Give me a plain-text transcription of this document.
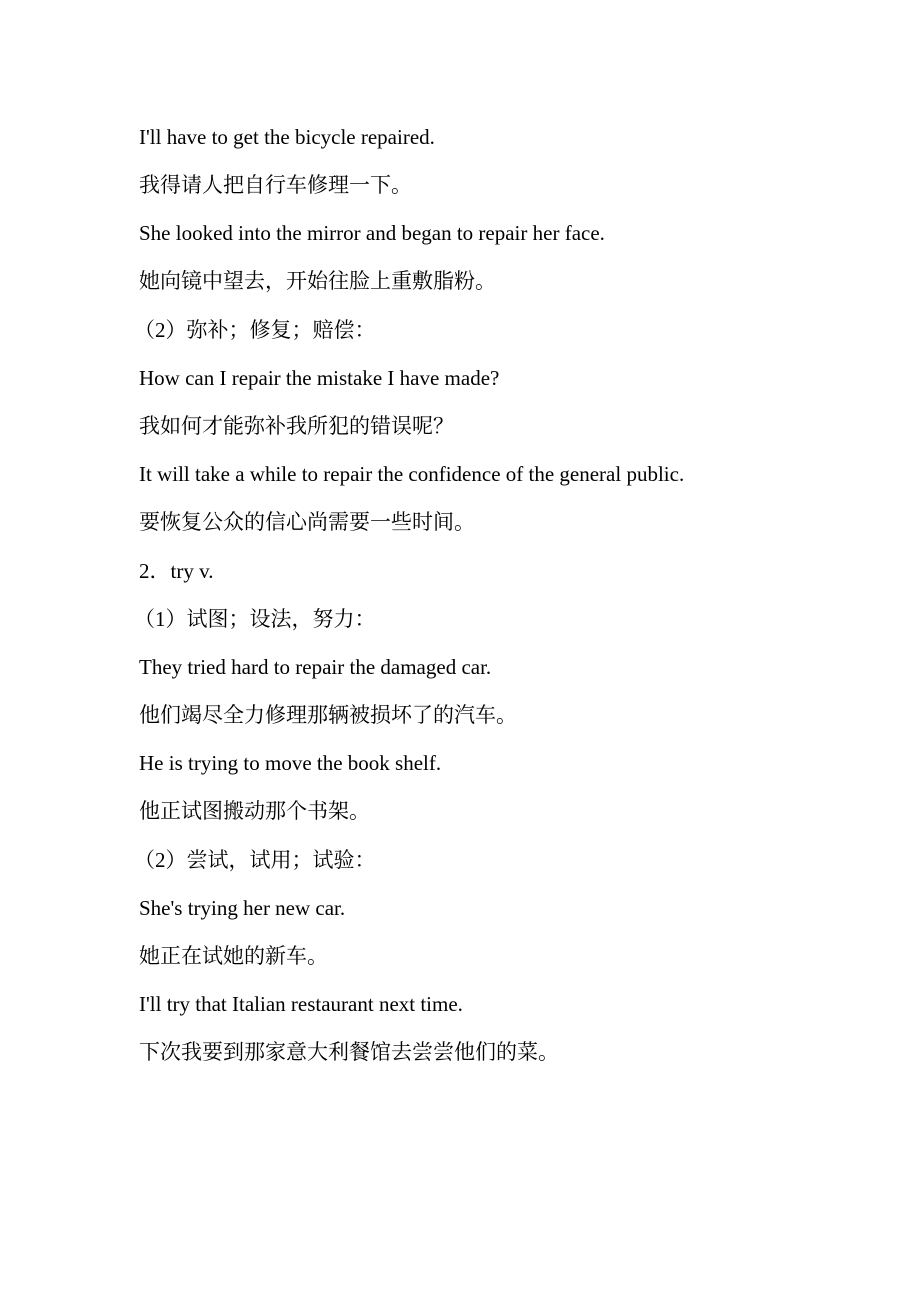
I'll have to get the bicycle repaired.
我得请人把自行车修理一下。
She looked into the mirror and began to repair her face.
她向镜中望去，开始往脸上重敷脂粉。
（2）弥补；修复；赔偿：
How can I repair the mistake I have made?
我如何才能弥补我所犯的错误呢？
It will take a while to repair the confidence of the general public.
要恢复公众的信心尚需要一些时间。
2．try v.
（1）试图；设法，努力：
They tried hard to repair the damaged car.
他们竭尽全力修理那辆被损坏了的汽车。
He is trying to move the book shelf.
他正试图搬动那个书架。
（2）尝试，试用；试验：
She's trying her new car.
她正在试她的新车。
I'll try that Italian restaurant next time.
下次我要到那家意大利餐馆去尝尝他们的菜。
